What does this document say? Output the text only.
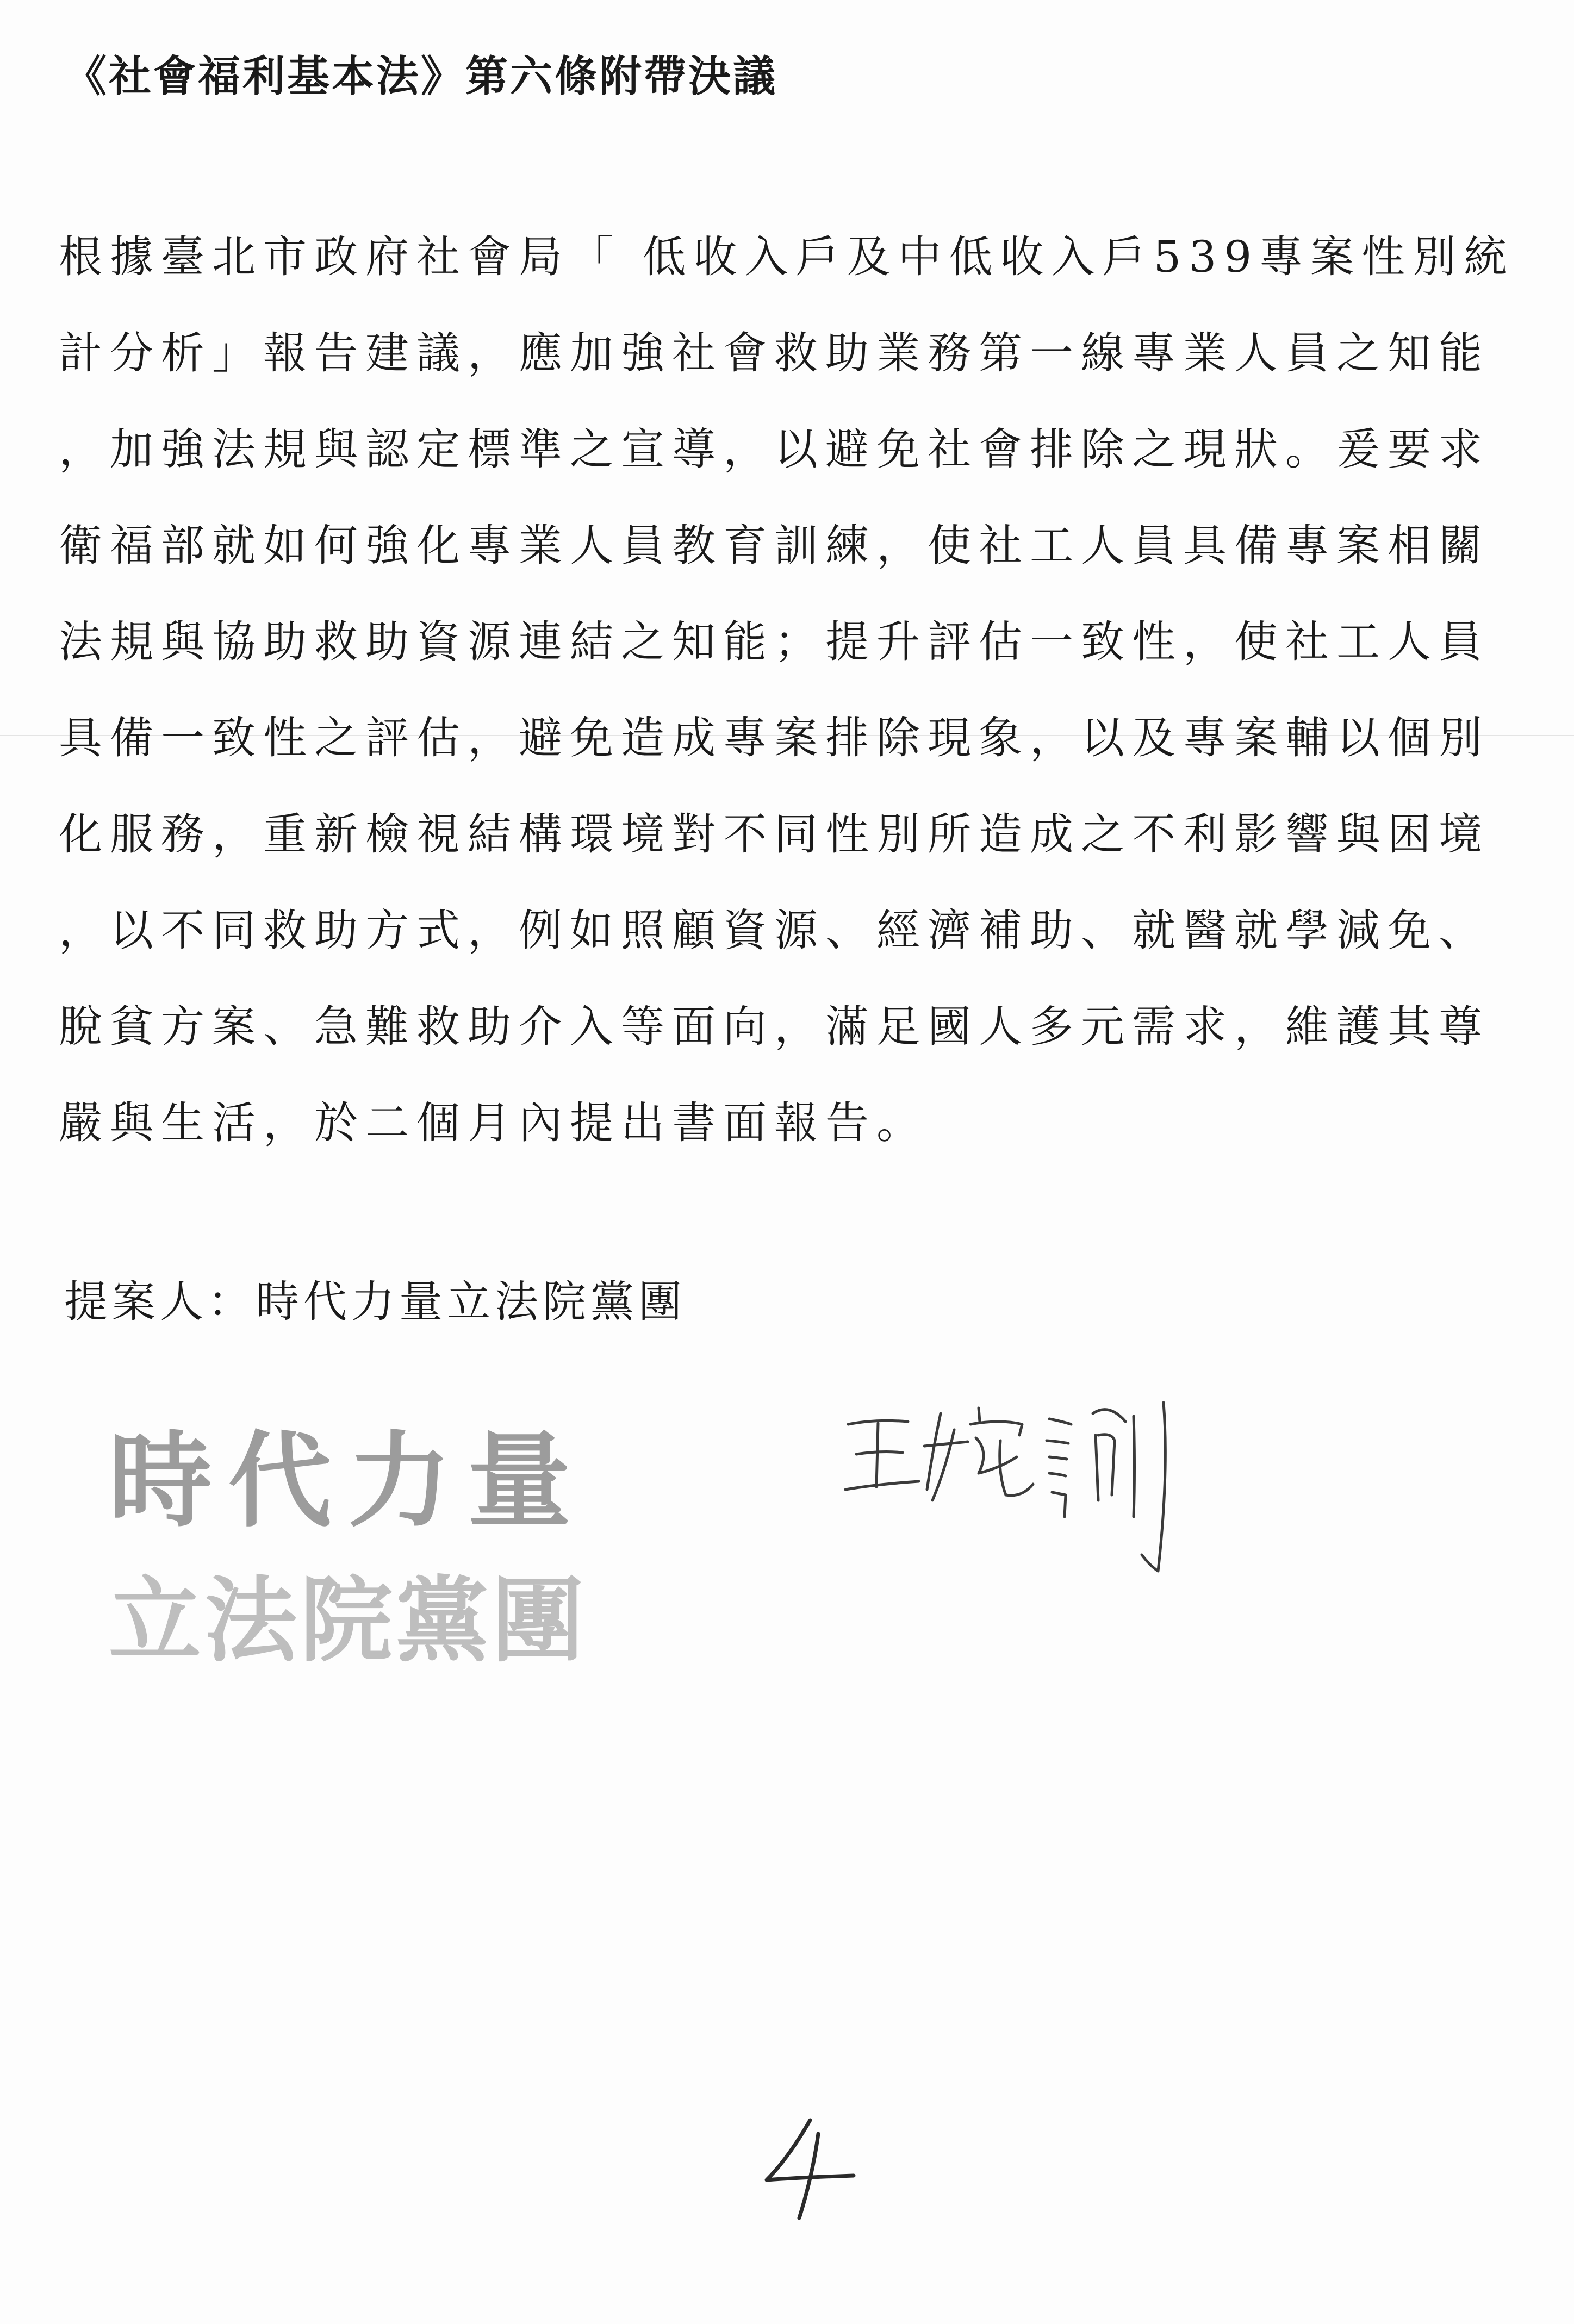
《社會福利基本法》第六條附帶決議
根據臺北市政府社會局「 低收入戶及中低收入戶539專案性別統
計分析」報告建議，應加強社會救助業務第一線專業人員之知能
，加強法規與認定標準之宣導，以避免社會排除之現狀。爰要求
衛福部就如何強化專業人員教育訓練，使社工人員具備專案相關
法規與協助救助資源連結之知能；提升評估一致性，使社工人員
具備一致性之評估，避免造成專案排除現象，以及專案輔以個別
化服務，重新檢視結構環境對不同性別所造成之不利影響與困境
，以不同救助方式，例如照顧資源、經濟補助、就醫就學減免、
脫貧方案、急難救助介入等面向，滿足國人多元需求，維護其尊
嚴與生活，於二個月內提出書面報告。
提案人：時代力量立法院黨團
時代力量
立法院黨團
王婉諭
4
